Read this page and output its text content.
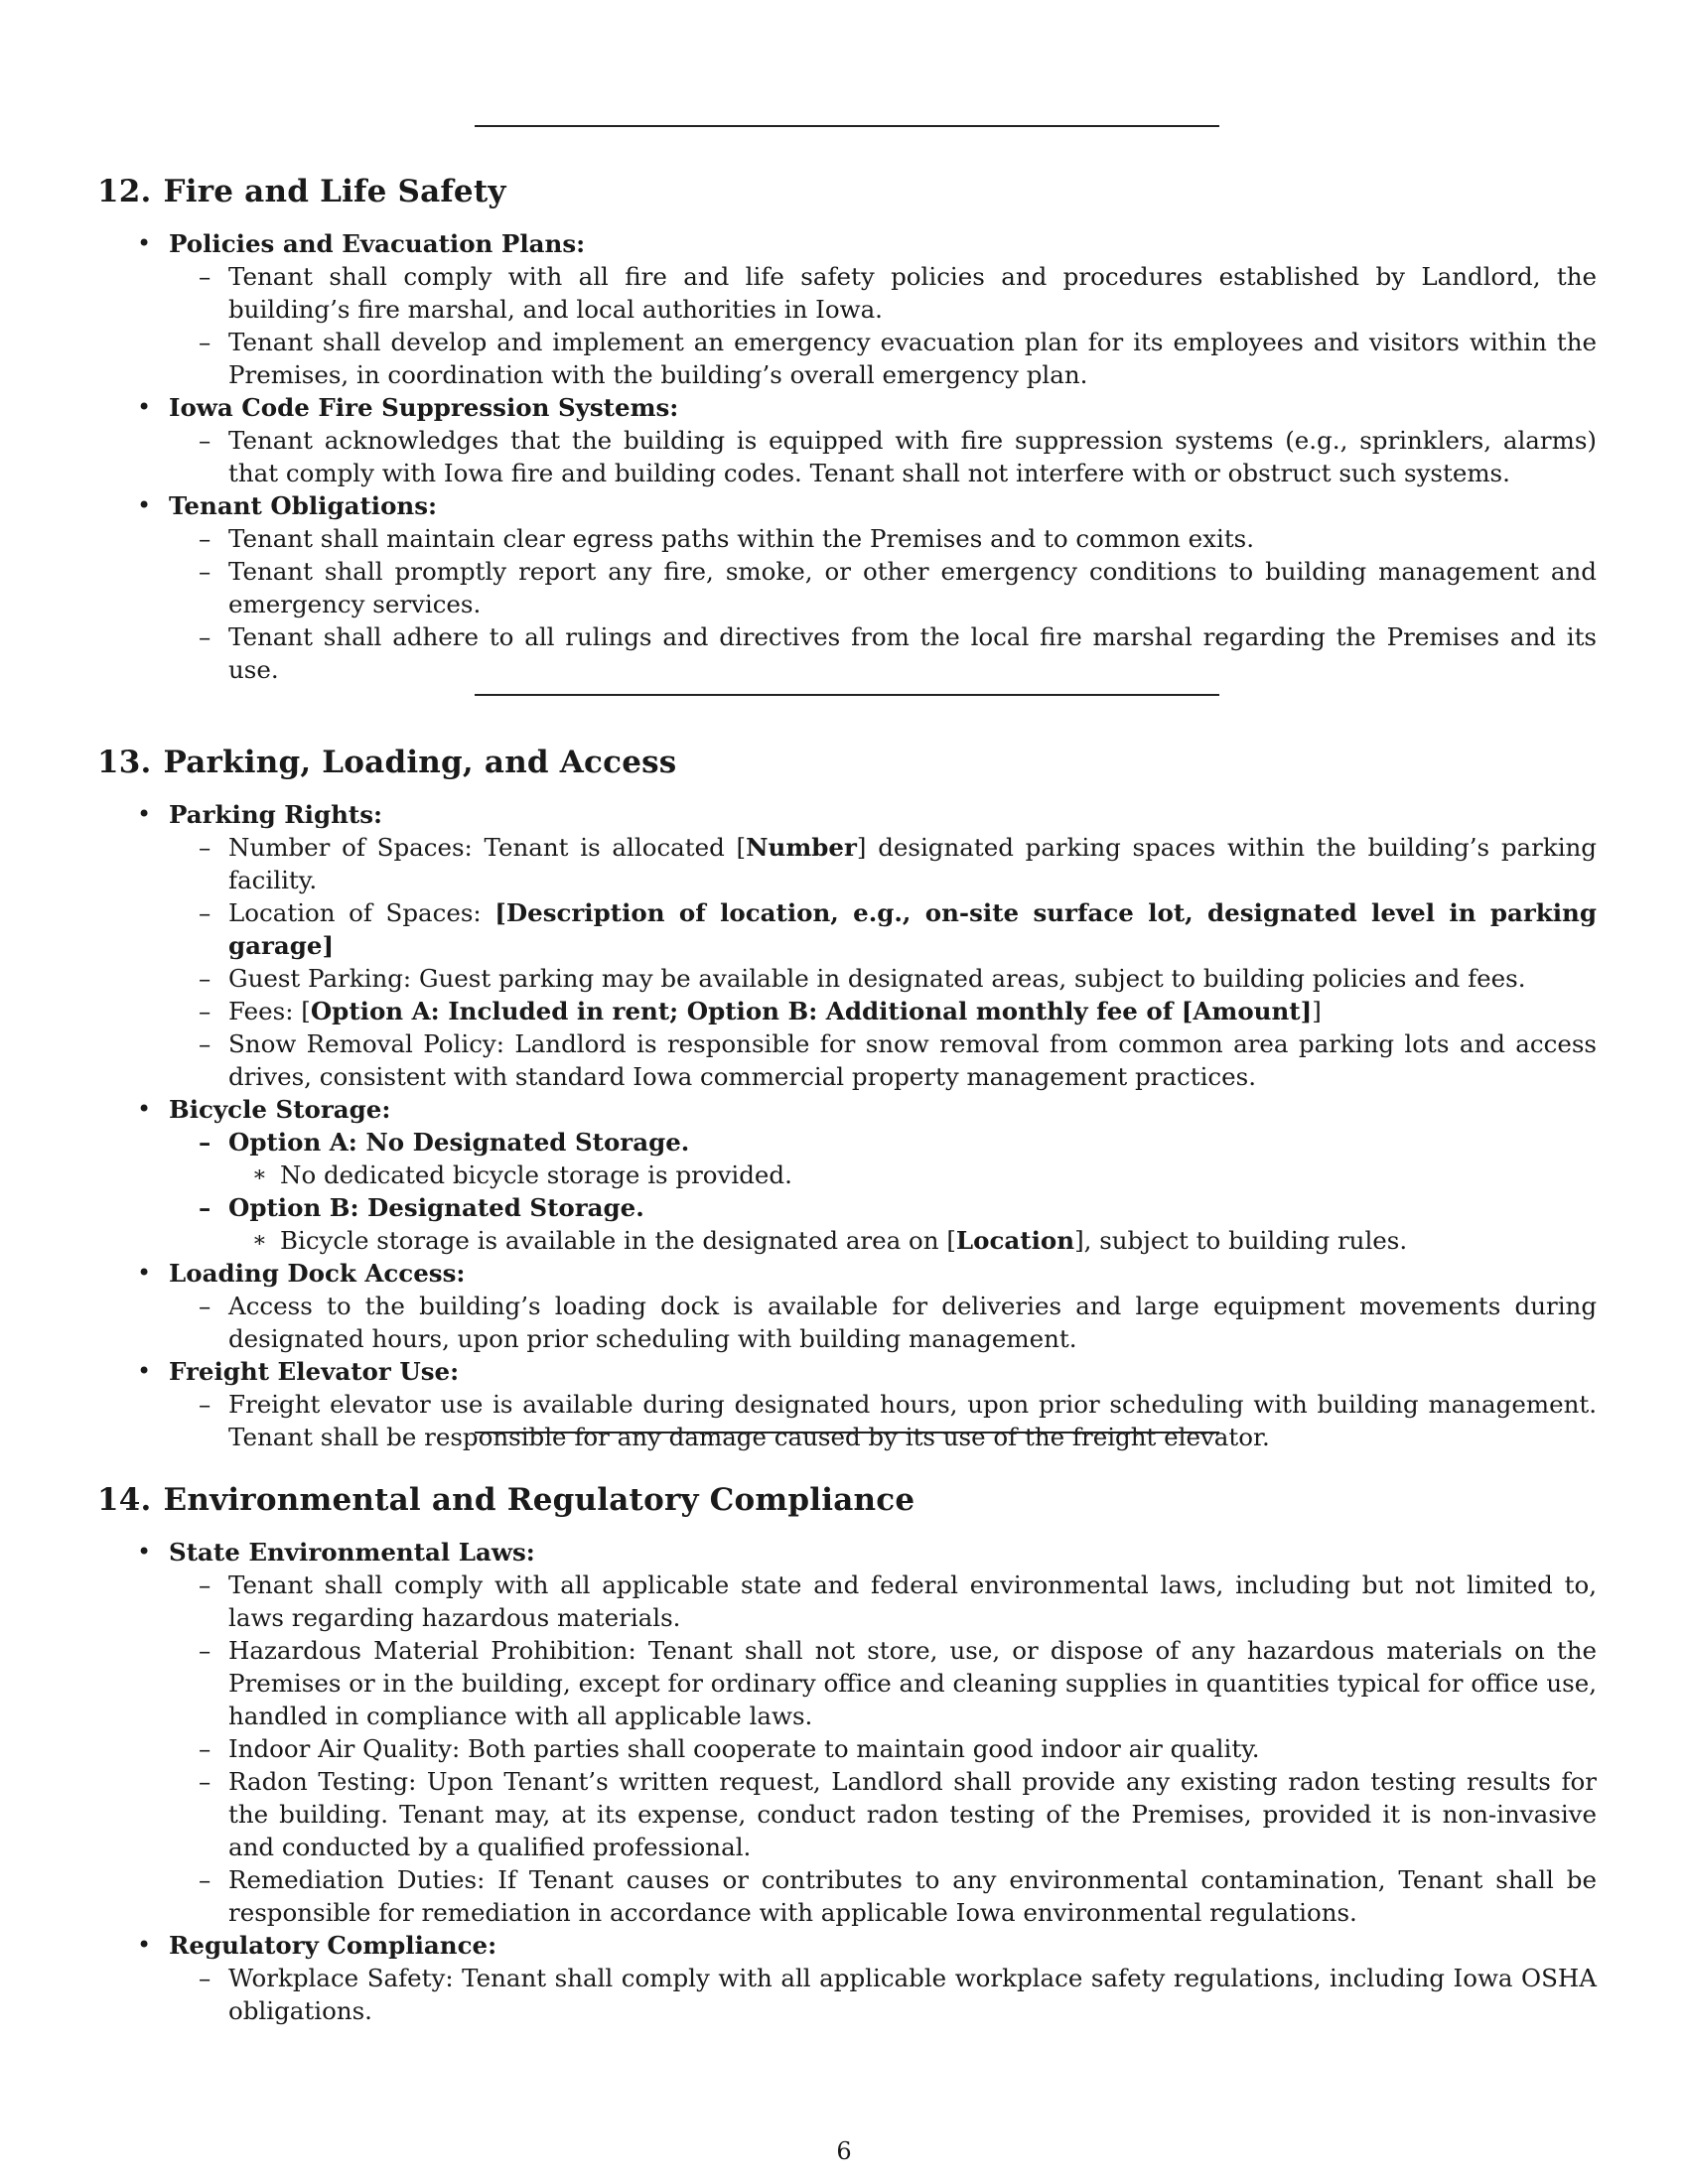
12. Fire and Life Safety
• Policies and Evacuation Plans:
– Tenant shall comply with all fire and life safety policies and procedures established by Landlord, the building’s fire marshal, and local authorities in Iowa.
– Tenant shall develop and implement an emergency evacuation plan for its employees and visitors within the Premises, in coordination with the building’s overall emergency plan.
• Iowa Code Fire Suppression Systems:
– Tenant acknowledges that the building is equipped with fire suppression systems (e.g., sprinklers, alarms) that comply with Iowa fire and building codes. Tenant shall not interfere with or obstruct such systems.
• Tenant Obligations:
– Tenant shall maintain clear egress paths within the Premises and to common exits.
– Tenant shall promptly report any fire, smoke, or other emergency conditions to building management and emergency services.
– Tenant shall adhere to all rulings and directives from the local fire marshal regarding the Premises and its use.
13. Parking, Loading, and Access
• Parking Rights:
– Number of Spaces: Tenant is allocated [Number] designated parking spaces within the building’s parking facility.
– Location of Spaces: [Description of location, e.g., on-site surface lot, designated level in parking garage]
– Guest Parking: Guest parking may be available in designated areas, subject to building policies and fees.
– Fees: [Option A: Included in rent; Option B: Additional monthly fee of [Amount]]
– Snow Removal Policy: Landlord is responsible for snow removal from common area parking lots and access drives, consistent with standard Iowa commercial property management practices.
• Bicycle Storage:
– Option A: No Designated Storage.
∗ No dedicated bicycle storage is provided.
– Option B: Designated Storage.
∗ Bicycle storage is available in the designated area on [Location], subject to building rules.
• Loading Dock Access:
– Access to the building’s loading dock is available for deliveries and large equipment movements during designated hours, upon prior scheduling with building management.
• Freight Elevator Use:
– Freight elevator use is available during designated hours, upon prior scheduling with building management. Tenant shall be responsible for any damage caused by its use of the freight elevator.
14. Environmental and Regulatory Compliance
• State Environmental Laws:
– Tenant shall comply with all applicable state and federal environmental laws, including but not limited to, laws regarding hazardous materials.
– Hazardous Material Prohibition: Tenant shall not store, use, or dispose of any hazardous materials on the Premises or in the building, except for ordinary office and cleaning supplies in quantities typical for office use, handled in compliance with all applicable laws.
– Indoor Air Quality: Both parties shall cooperate to maintain good indoor air quality.
– Radon Testing: Upon Tenant’s written request, Landlord shall provide any existing radon testing results for the building. Tenant may, at its expense, conduct radon testing of the Premises, provided it is non-invasive and conducted by a qualified professional.
– Remediation Duties: If Tenant causes or contributes to any environmental contamination, Tenant shall be responsible for remediation in accordance with applicable Iowa environmental regulations.
• Regulatory Compliance:
– Workplace Safety: Tenant shall comply with all applicable workplace safety regulations, including Iowa OSHA obligations.
6
